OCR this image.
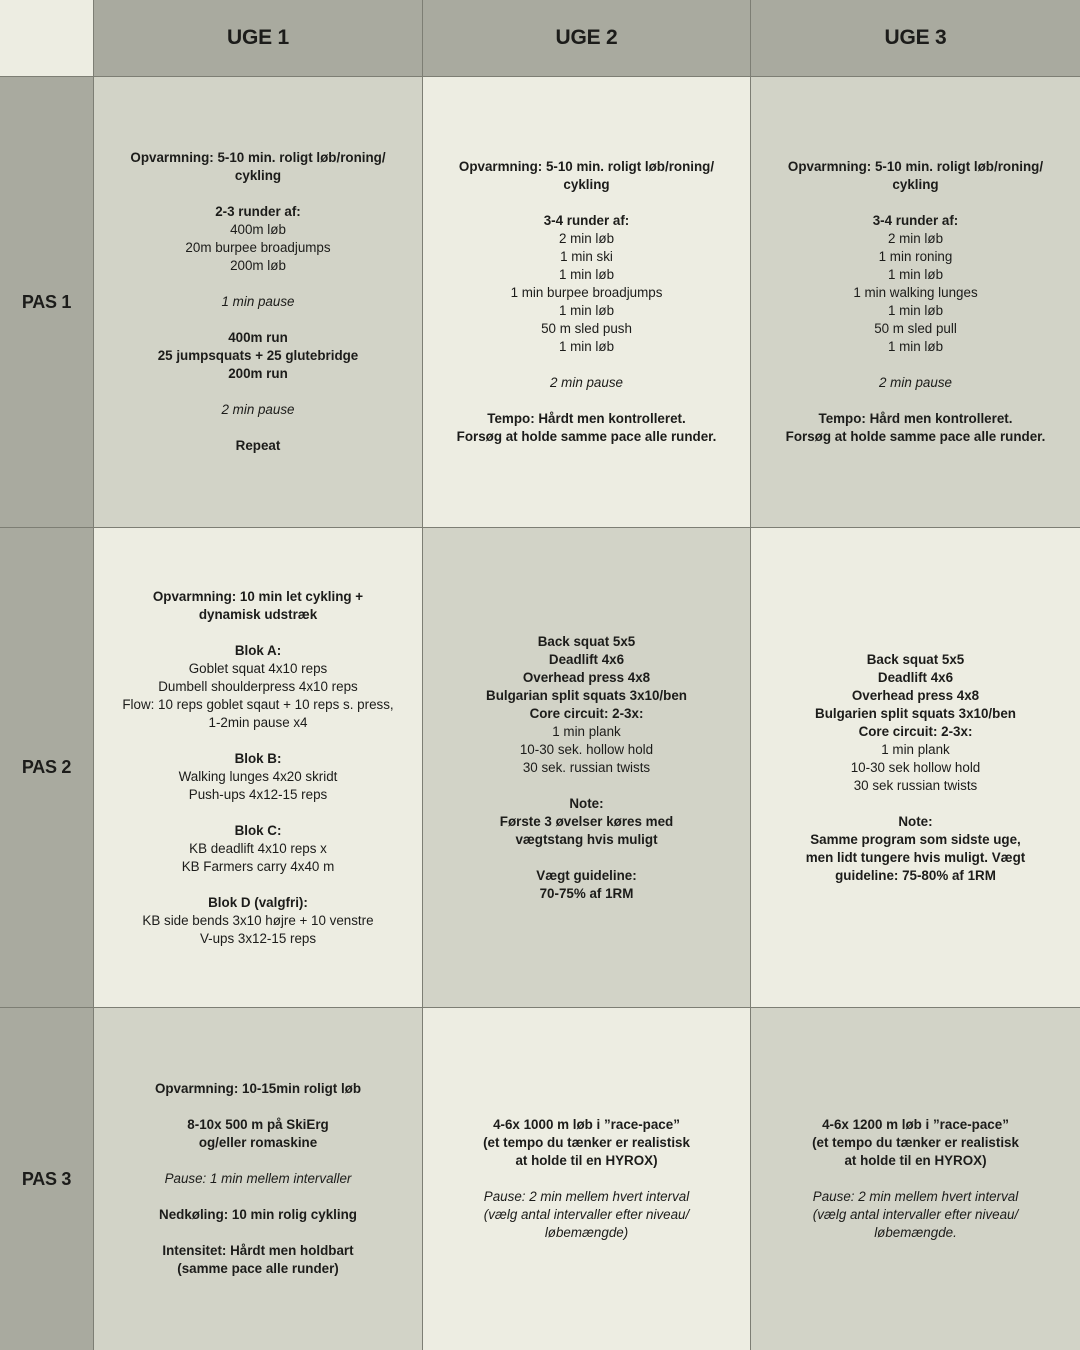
UGE 1	UGE 2	UGE 3
PAS 1
Opvarmning: 5-10 min. roligt løb/roning/
cykling
2-3 runder af:
400m løb
20m burpee broadjumps
200m løb
1 min pause
400m run
25 jumpsquats + 25 glutebridge
200m run
2 min pause
Repeat
Opvarmning: 5-10 min. roligt løb/roning/
cykling
3-4 runder af:
2 min løb
1 min ski
1 min løb
1 min burpee broadjumps
1 min løb
50 m sled push
1 min løb
2 min pause
Tempo: Hårdt men kontrolleret.
Forsøg at holde samme pace alle runder.
Opvarmning: 5-10 min. roligt løb/roning/
cykling
3-4 runder af:
2 min løb
1 min roning
1 min løb
1 min walking lunges
1 min løb
50 m sled pull
1 min løb
2 min pause
Tempo: Hård men kontrolleret.
Forsøg at holde samme pace alle runder.
PAS 2
Opvarmning: 10 min let cykling +
dynamisk udstræk
Blok A:
Goblet squat 4x10 reps
Dumbell shoulderpress 4x10 reps
Flow: 10 reps goblet sqaut + 10 reps s. press,
1-2min pause x4
Blok B:
Walking lunges 4x20 skridt
Push-ups 4x12-15 reps
Blok C:
KB deadlift 4x10 reps x
KB Farmers carry 4x40 m
Blok D (valgfri):
KB side bends 3x10 højre + 10 venstre
V-ups 3x12-15 reps
Back squat 5x5
Deadlift 4x6
Overhead press 4x8
Bulgarian split squats 3x10/ben
Core circuit: 2-3x:
1 min plank
10-30 sek. hollow hold
30 sek. russian twists
Note:
Første 3 øvelser køres med
vægtstang hvis muligt
Vægt guideline:
70-75% af 1RM
Back squat 5x5
Deadlift 4x6
Overhead press 4x8
Bulgarien split squats 3x10/ben
Core circuit: 2-3x:
1 min plank
10-30 sek hollow hold
30 sek russian twists
Note:
Samme program som sidste uge,
men lidt tungere hvis muligt. Vægt
guideline: 75-80% af 1RM
PAS 3
Opvarmning: 10-15min roligt løb
8-10x 500 m på SkiErg
og/eller romaskine
Pause: 1 min mellem intervaller
Nedkøling: 10 min rolig cykling
Intensitet: Hårdt men holdbart
(samme pace alle runder)
4-6x 1000 m løb i ”race-pace”
(et tempo du tænker er realistisk
at holde til en HYROX)
Pause: 2 min mellem hvert interval
(vælg antal intervaller efter niveau/
løbemængde)
4-6x 1200 m løb i ”race-pace”
(et tempo du tænker er realistisk
at holde til en HYROX)
Pause: 2 min mellem hvert interval
(vælg antal intervaller efter niveau/
løbemængde.
